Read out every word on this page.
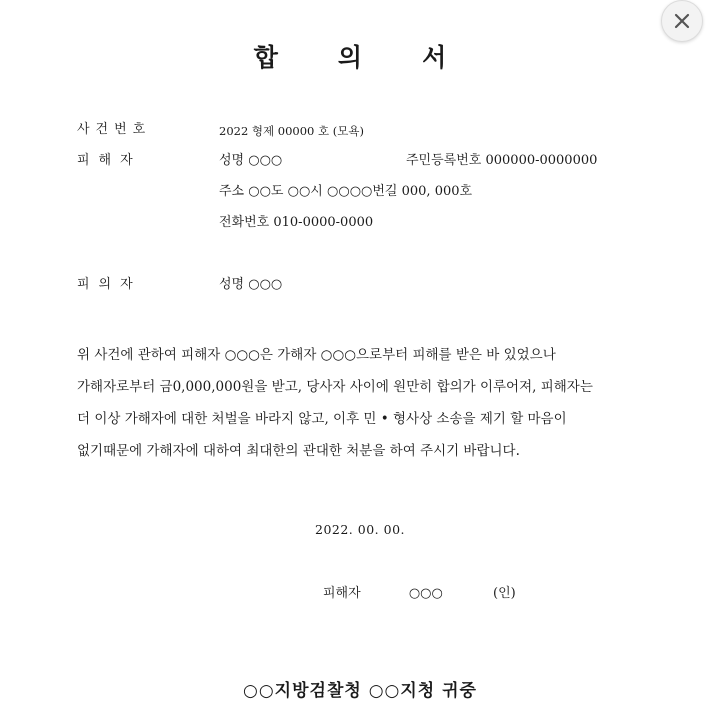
합의서
사건번호	2022 형제 00000 호 (모욕)
피해자	성명 ○○○	주민등록번호 000000-0000000
주소 ○○도 ○○시 ○○○○번길 000, 000호
전화번호 010-0000-0000
피의자	성명 ○○○
위 사건에 관하여 피해자 ○○○은 가해자 ○○○으로부터 피해를 받은 바 있었으나
가해자로부터 금0,000,000원을 받고, 당사자 사이에 원만히 합의가 이루어져, 피해자는
더 이상 가해자에 대한 처벌을 바라지 않고, 이후 민 • 형사상 소송을 제기 할 마음이
없기때문에 가해자에 대하여 최대한의 관대한 처분을 하여 주시기 바랍니다.
2022. 00. 00.
피해자	○○○	(인)
○○지방검찰청 ○○지청 귀중
